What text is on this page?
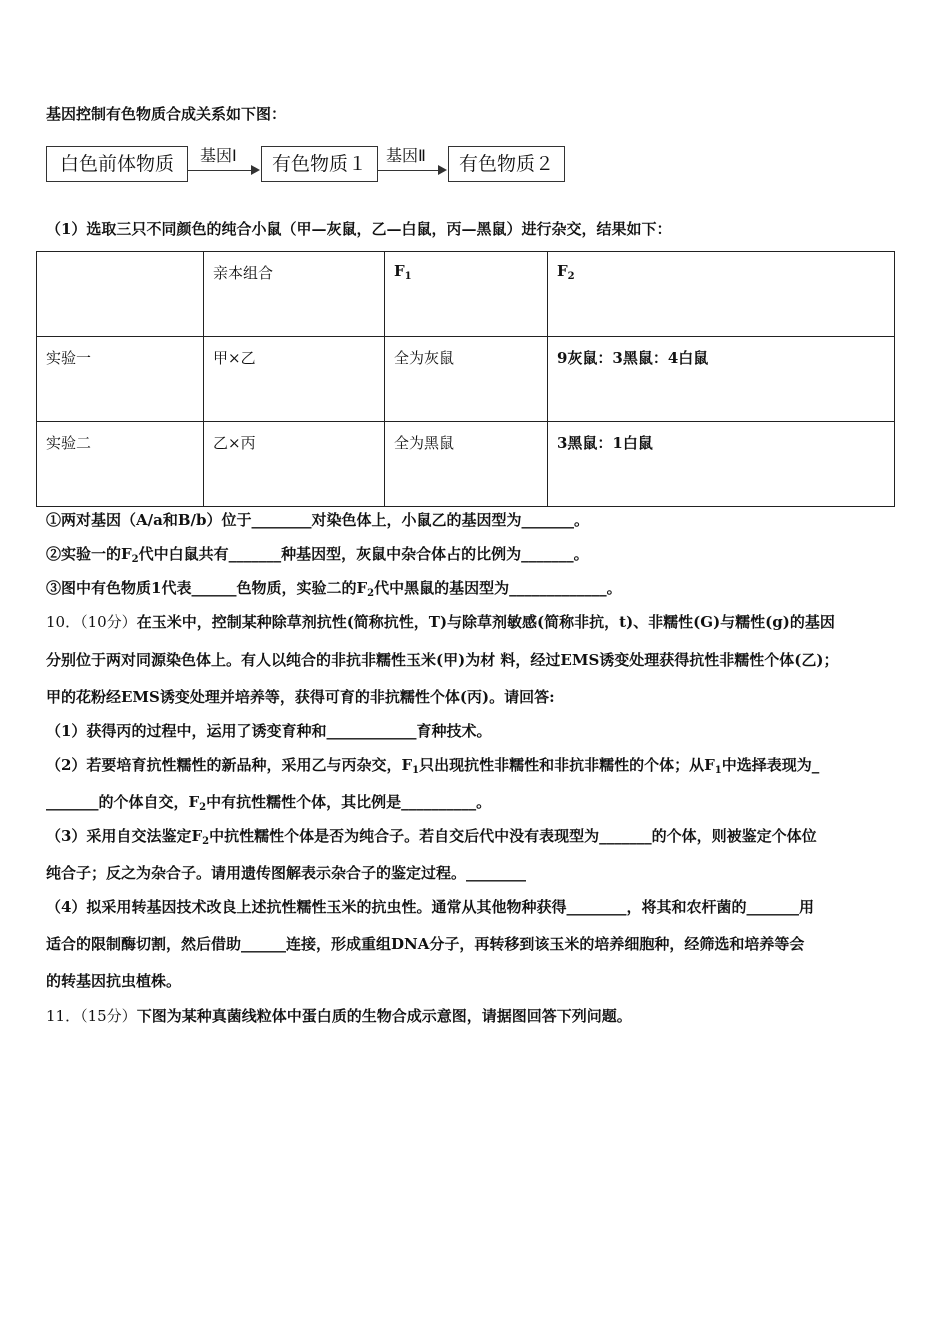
基因控制有色物质合成关系如下图：
白色前体物质	基因Ⅰ	有色物质１	基因Ⅱ	有色物质２
（1）选取三只不同颜色的纯合小鼠（甲—灰鼠，乙—白鼠，丙—黑鼠）进行杂交，结果如下：
	亲本组合	$F_1$	$F_2$
实验一	甲×乙	全为灰鼠	9灰鼠：3黑鼠：4白鼠
实验二	乙×丙	全为黑鼠	3黑鼠：1白鼠
①两对基因（A/a和B/b）位于________对染色体上，小鼠乙的基因型为_______。
②实验一的$F_2$代中白鼠共有_______种基因型，灰鼠中杂合体占的比例为_______。
③图中有色物质1代表______色物质，实验二的$F_2$代中黑鼠的基因型为_____________。
10．（10分）在玉米中，控制某种除草剂抗性(简称抗性，T)与除草剂敏感(简称非抗，t)、非糯性(G)与糯性(g)的基因
分别位于两对同源染色体上。有人以纯合的非抗非糯性玉米(甲)为材 料，经过EMS诱变处理获得抗性非糯性个体(乙)；
甲的花粉经EMS诱变处理并培养等，获得可育的非抗糯性个体(丙)。请回答:
（1）获得丙的过程中，运用了诱变育种和____________育种技术。
（2）若要培育抗性糯性的新品种，采用乙与丙杂交，$F_1$只出现抗性非糯性和非抗非糯性的个体；从$F_1$中选择表现为_
_______的个体自交，$F_2$中有抗性糯性个体，其比例是__________。
（3）采用自交法鉴定$F_2$中抗性糯性个体是否为纯合子。若自交后代中没有表现型为_______的个体，则被鉴定个体位
纯合子；反之为杂合子。请用遗传图解表示杂合子的鉴定过程。________
（4）拟采用转基因技术改良上述抗性糯性玉米的抗虫性。通常从其他物种获得________，将其和农杆菌的_______用
适合的限制酶切割，然后借助______连接，形成重组DNA分子，再转移到该玉米的培养细胞种，经筛选和培养等会
的转基因抗虫植株。
11．（15分）下图为某种真菌线粒体中蛋白质的生物合成示意图，请据图回答下列问题。
